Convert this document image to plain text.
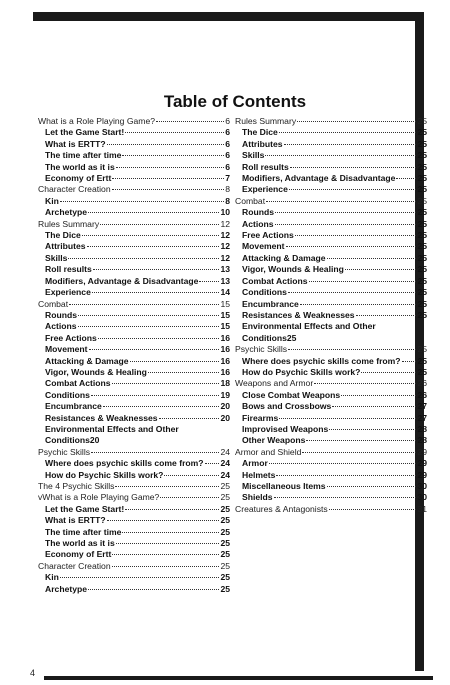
4
Table of Contents
What is a Role Playing Game?	6
Let the Game Start!	6
What is ERTT?	6
The time after time	6
The world as it is	6
Economy of Ertt	7
Character Creation	8
Kin	8
Archetype	10
Rules Summary	12
The Dice	12
Attributes	12
Skills	12
Roll results	13
Modifiers, Advantage & Disadvantage	13
Experience	14
Combat	15
Rounds	15
Actions	15
Free Actions	16
Movement	16
Attacking & Damage	16
Vigor, Wounds & Healing	16
Combat Actions	18
Conditions	19
Encumbrance	20
Resistances & Weaknesses	20
Environmental Effects and Other
Conditions 20
Psychic Skills	24
Where does psychic skills come from? 24
How do Psychic Skills work?	24
The 4 Psychic Skills	25
vWhat is a Role Playing Game?	25
Let the Game Start!	25
What is ERTT?	25
The time after time	25
The world as it is	25
Economy of Ertt	25
Character Creation	25
Kin	25
Archetype	25
Rules Summary	25
The Dice	25
Attributes	25
Skills	25
Roll results	25
Modifiers, Advantage & Disadvantage	25
Experience	25
Combat	25
Rounds	25
Actions	25
Free Actions	25
Movement	25
Attacking & Damage	25
Vigor, Wounds & Healing	25
Combat Actions	25
Conditions	25
Encumbrance	25
Resistances & Weaknesses	25
Environmental Effects and Other
Conditions 25
Psychic Skills	25
Where does psychic skills come from? 25
How do Psychic Skills work?	25
Weapons and Armor	26
Close Combat Weapons	26
Bows and Crossbows	27
Firearms	27
Improvised Weapons	28
Other Weapons	28
Armor and Shield	29
Armor	29
Helmets	29
Miscellaneous Items	30
Shields	30
Creatures & Antagonists	31
